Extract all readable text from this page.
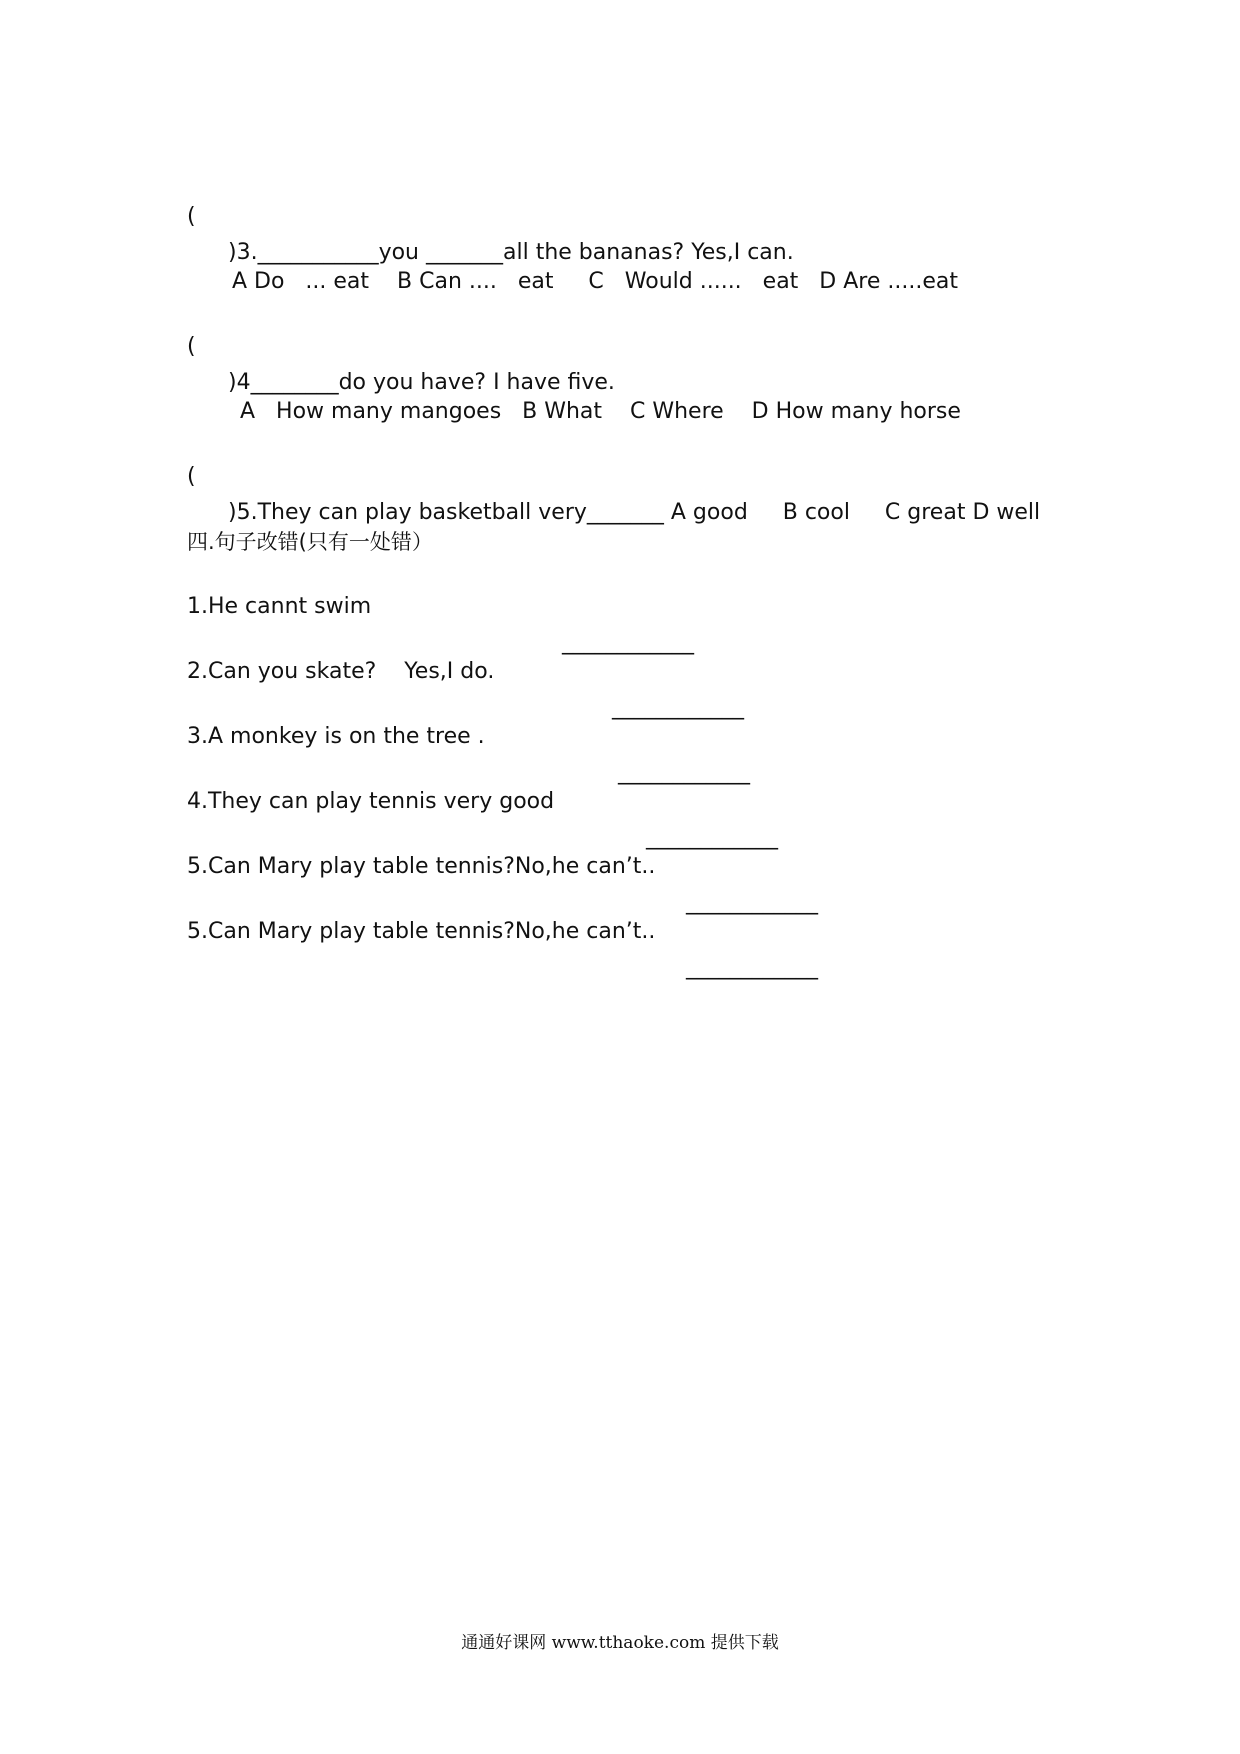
(

)3.___________you _______all the bananas? Yes,I can.

A Do   ... eat    B Can ....   eat     C   Would ......   eat   D Are .....eat

(

)4________do you have? I have five.

A   How many mangoes   B What    C Where    D How many horse

(

)5.They can play basketball very_______ A good     B cool     C great D well

四.句子改错(只有一处错）

1.He cannt swim

____________

2.Can you skate?    Yes,I do.

____________

3.A monkey is on the tree .

____________

4.They can play tennis very good

____________

5.Can Mary play table tennis?No,he can’t..

____________

5.Can Mary play table tennis?No,he can’t..

____________

通通好课网 www.tthaoke.com 提供下载
